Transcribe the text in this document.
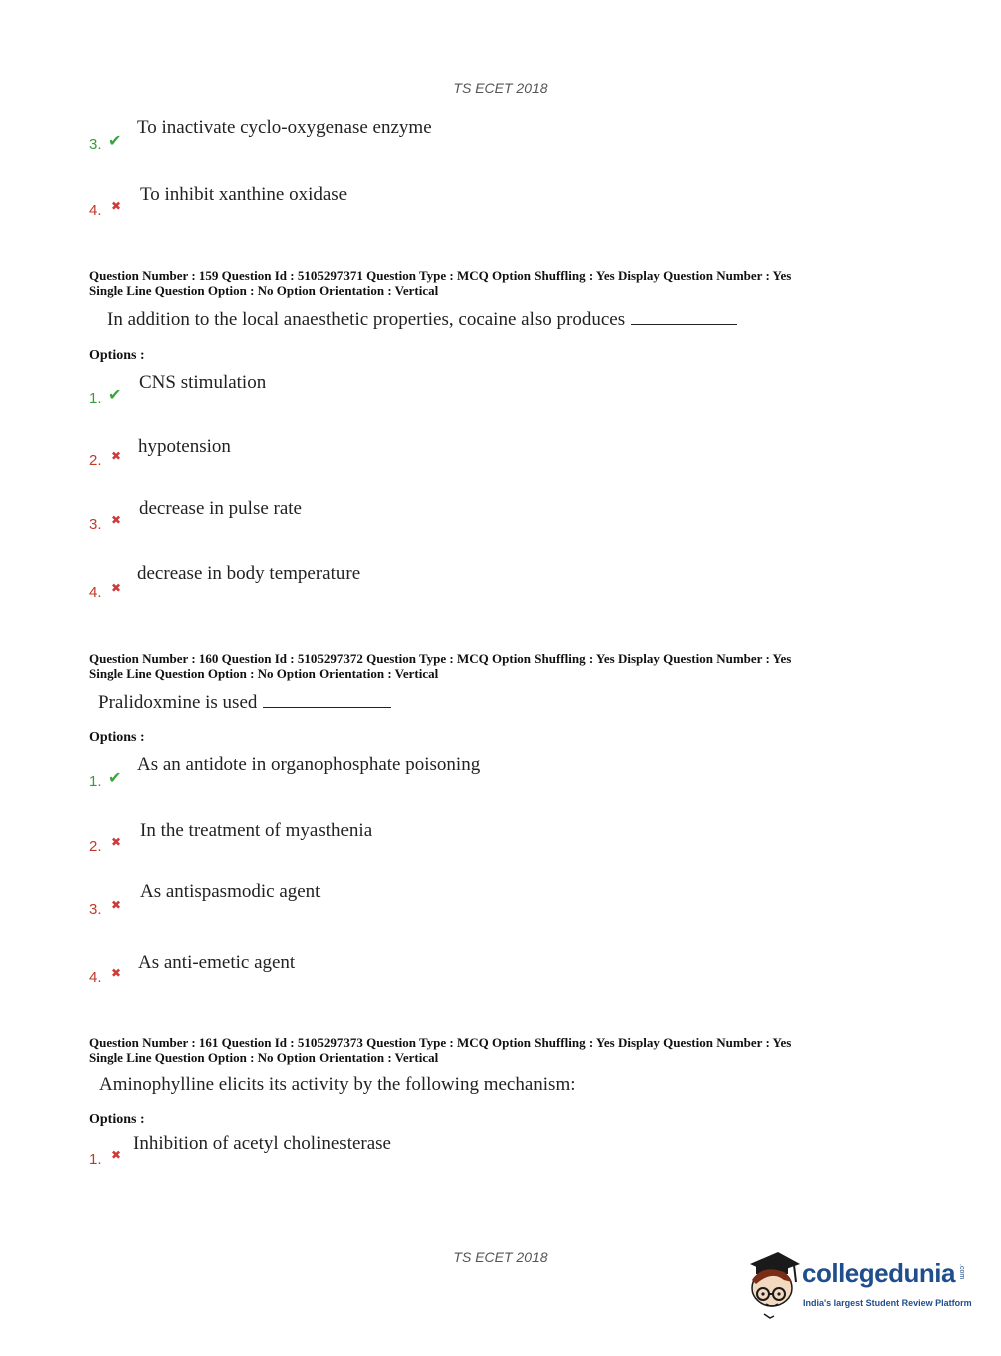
TS ECET 2018
3. ✔
To inactivate cyclo-oxygenase enzyme
4. ✖
To inhibit xanthine oxidase
Question Number : 159 Question Id : 5105297371 Question Type : MCQ Option Shuffling : Yes Display Question Number : Yes
Single Line Question Option : No Option Orientation : Vertical
In addition to the local anaesthetic properties, cocaine also produces
Options :
1. ✔
CNS stimulation
2. ✖ hypotension
3. ✖
decrease in pulse rate
4. ✖
decrease in body temperature
Question Number : 160 Question Id : 5105297372 Question Type : MCQ Option Shuffling : Yes Display Question Number : Yes
Single Line Question Option : No Option Orientation : Vertical
Pralidoxmine is used
Options :
1. ✔
As an antidote in organophosphate poisoning
2. ✖
In the treatment of myasthenia
3. ✖
As antispasmodic agent
4. ✖ As anti-emetic agent
Question Number : 161 Question Id : 5105297373 Question Type : MCQ Option Shuffling : Yes Display Question Number : Yes
Single Line Question Option : No Option Orientation : Vertical
Aminophylline elicits its activity by the following mechanism:
Options :
1. ✖
Inhibition of acetyl cholinesterase
TS ECET 2018
collegedunia .com
India's largest Student Review Platform
